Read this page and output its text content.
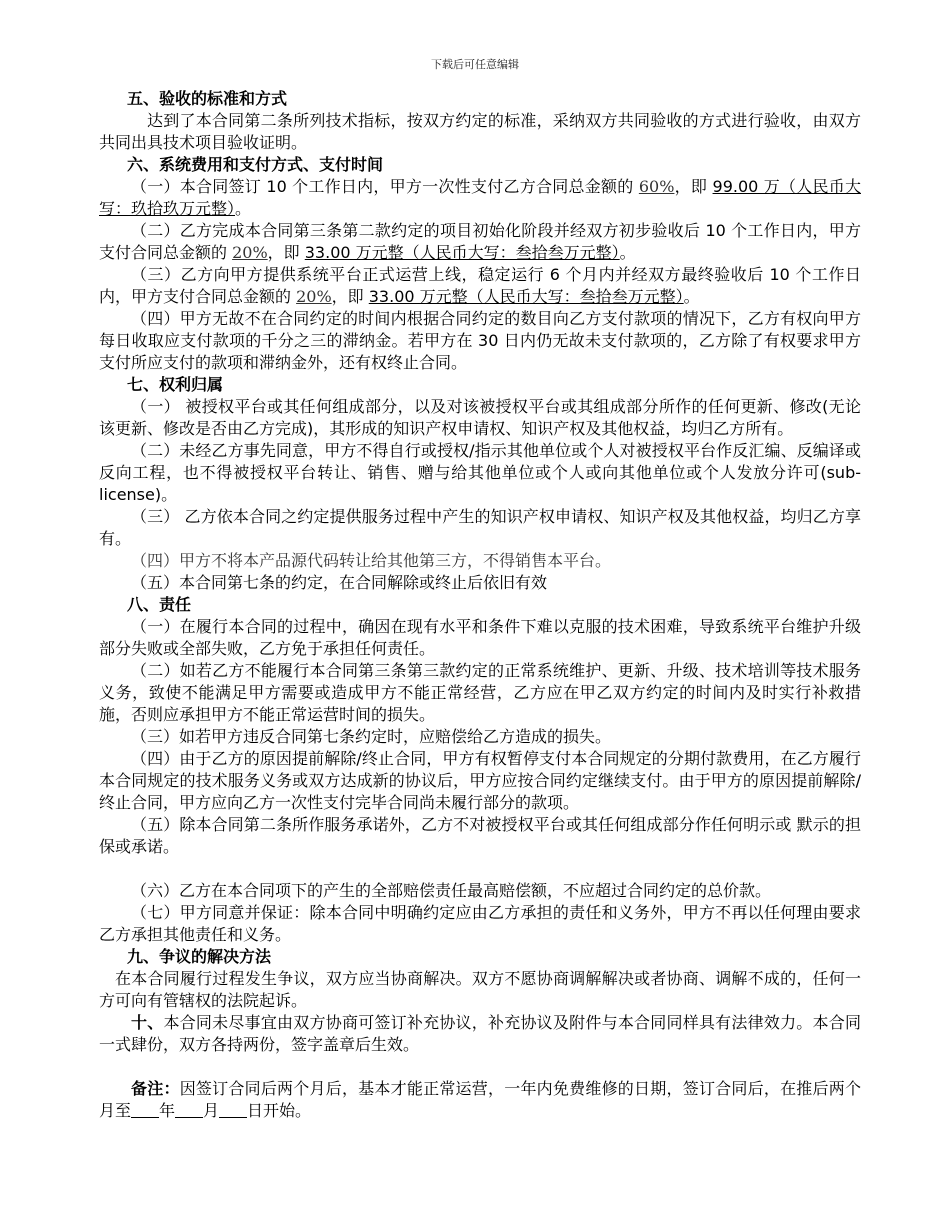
下载后可任意编辑
五、验收的标准和方式
达到了本合同第二条所列技术指标，按双方约定的标准，采纳双方共同验收的方式进行验收，由双方共同出具技术项目验收证明。
六、系统费用和支付方式、支付时间
（一）本合同签订 10 个工作日内，甲方一次性支付乙方合同总金额的 60%，即 99.00 万（人民币大写：玖拾玖万元整）。
（二）乙方完成本合同第三条第二款约定的项目初始化阶段并经双方初步验收后 10 个工作日内，甲方支付合同总金额的 20%，即 33.00 万元整（人民币大写：叁拾叁万元整）。
（三）乙方向甲方提供系统平台正式运营上线，稳定运行 6 个月内并经双方最终验收后 10 个工作日内，甲方支付合同总金额的 20%，即 33.00 万元整（人民币大写：叁拾叁万元整）。
（四）甲方无故不在合同约定的时间内根据合同约定的数目向乙方支付款项的情况下，乙方有权向甲方每日收取应支付款项的千分之三的滞纳金。若甲方在 30 日内仍无故未支付款项的，乙方除了有权要求甲方支付所应支付的款项和滞纳金外，还有权终止合同。
七、权利归属
（一） 被授权平台或其任何组成部分，以及对该被授权平台或其组成部分所作的任何更新、修改(无论该更新、修改是否由乙方完成)，其形成的知识产权申请权、知识产权及其他权益，均归乙方所有。
（二）未经乙方事先同意，甲方不得自行或授权/指示其他单位或个人对被授权平台作反汇编、反编译或反向工程，也不得被授权平台转让、销售、赠与给其他单位或个人或向其他单位或个人发放分许可(sub-license)。
（三） 乙方依本合同之约定提供服务过程中产生的知识产权申请权、知识产权及其他权益，均归乙方享有。
（四）甲方不将本产品源代码转让给其他第三方，不得销售本平台。
（五）本合同第七条的约定，在合同解除或终止后依旧有效
八、责任
（一）在履行本合同的过程中，确因在现有水平和条件下难以克服的技术困难，导致系统平台维护升级部分失败或全部失败，乙方免于承担任何责任。
（二）如若乙方不能履行本合同第三条第三款约定的正常系统维护、更新、升级、技术培训等技术服务义务，致使不能满足甲方需要或造成甲方不能正常经营，乙方应在甲乙双方约定的时间内及时实行补救措施，否则应承担甲方不能正常运营时间的损失。
（三）如若甲方违反合同第七条约定时，应赔偿给乙方造成的损失。
（四）由于乙方的原因提前解除/终止合同，甲方有权暂停支付本合同规定的分期付款费用，在乙方履行本合同规定的技术服务义务或双方达成新的协议后，甲方应按合同约定继续支付。由于甲方的原因提前解除/终止合同，甲方应向乙方一次性支付完毕合同尚未履行部分的款项。
（五）除本合同第二条所作服务承诺外，乙方不对被授权平台或其任何组成部分作任何明示或 默示的担保或承诺。
（六）乙方在本合同项下的产生的全部赔偿责任最高赔偿额，不应超过合同约定的总价款。
（七）甲方同意并保证：除本合同中明确约定应由乙方承担的责任和义务外，甲方不再以任何理由要求乙方承担其他责任和义务。
九、争议的解决方法
在本合同履行过程发生争议，双方应当协商解决。双方不愿协商调解解决或者协商、调解不成的，任何一方可向有管辖权的法院起诉。
十、本合同未尽事宜由双方协商可签订补充协议，补充协议及附件与本合同同样具有法律效力。本合同一式肆份，双方各持两份，签字盖章后生效。
备注：因签订合同后两个月后，基本才能正常运营，一年内免费维修的日期，签订合同后，在推后两个月至 年 月 日开始。
